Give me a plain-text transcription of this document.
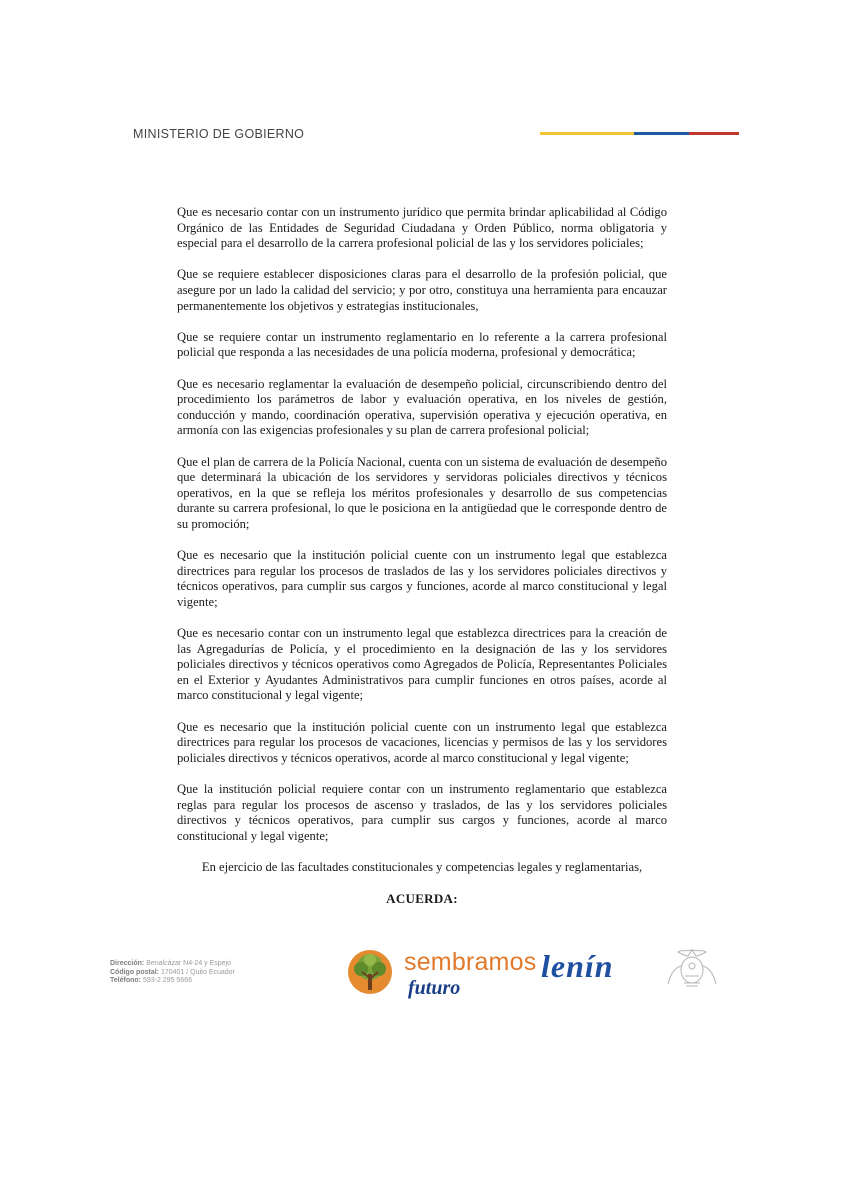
MINISTERIO DE GOBIERNO

Que es necesario contar con un instrumento jurídico que permita brindar aplicabilidad al Código Orgánico de las Entidades de Seguridad Ciudadana y Orden Público, norma obligatoria y especial para el desarrollo de la carrera profesional policial de las y los servidores policiales;

Que se requiere establecer disposiciones claras para el desarrollo de la profesión policial, que asegure por un lado la calidad del servicio; y por otro, constituya una herramienta para encauzar permanentemente los objetivos y estrategias institucionales,

Que se requiere contar un instrumento reglamentario en lo referente a la carrera profesional policial que responda a las necesidades de una policía moderna, profesional y democrática;

Que es necesario reglamentar la evaluación de desempeño policial, circunscribiendo dentro del procedimiento los parámetros de labor y evaluación operativa, en los niveles de gestión, conducción y mando, coordinación operativa, supervisión operativa y ejecución operativa, en armonía con las exigencias profesionales y su plan de carrera profesional policial;

Que el plan de carrera de la Policía Nacional, cuenta con un sistema de evaluación de desempeño que determinará la ubicación de los servidores y servidoras policiales directivos y técnicos operativos, en la que se refleja los méritos profesionales y desarrollo de sus competencias durante su carrera profesional, lo que le posiciona en la antigüedad que le corresponde dentro de su promoción;

Que es necesario que la institución policial cuente con un instrumento legal que establezca directrices para regular los procesos de traslados de las y los servidores policiales directivos y técnicos operativos, para cumplir sus cargos y funciones, acorde al marco constitucional y legal vigente;

Que es necesario contar con un instrumento legal que establezca directrices para la creación de las Agregadurías de Policía, y el procedimiento en la designación de las y los servidores policiales directivos y técnicos operativos como Agregados de Policía, Representantes Policiales en el Exterior y Ayudantes Administrativos para cumplir funciones en otros países, acorde al marco constitucional y legal vigente;

Que es necesario que la institución policial cuente con un instrumento legal que establezca directrices para regular los procesos de vacaciones, licencias y permisos de las y los servidores policiales directivos y técnicos operativos, acorde al marco constitucional y legal vigente;

Que la institución policial requiere contar con un instrumento reglamentario que establezca reglas para regular los procesos de ascenso y traslados, de las y los servidores policiales directivos y técnicos operativos, para cumplir sus cargos y funciones, acorde al marco constitucional y legal vigente;

En ejercicio de las facultades constitucionales y competencias legales y reglamentarias,

ACUERDA:
Dirección: Benalcázar N4-24 y Espejo
Código postal: 170401 / Quito Ecuador
Teléfono: 593-2 295 5666
sembramos
futuro
lenín
